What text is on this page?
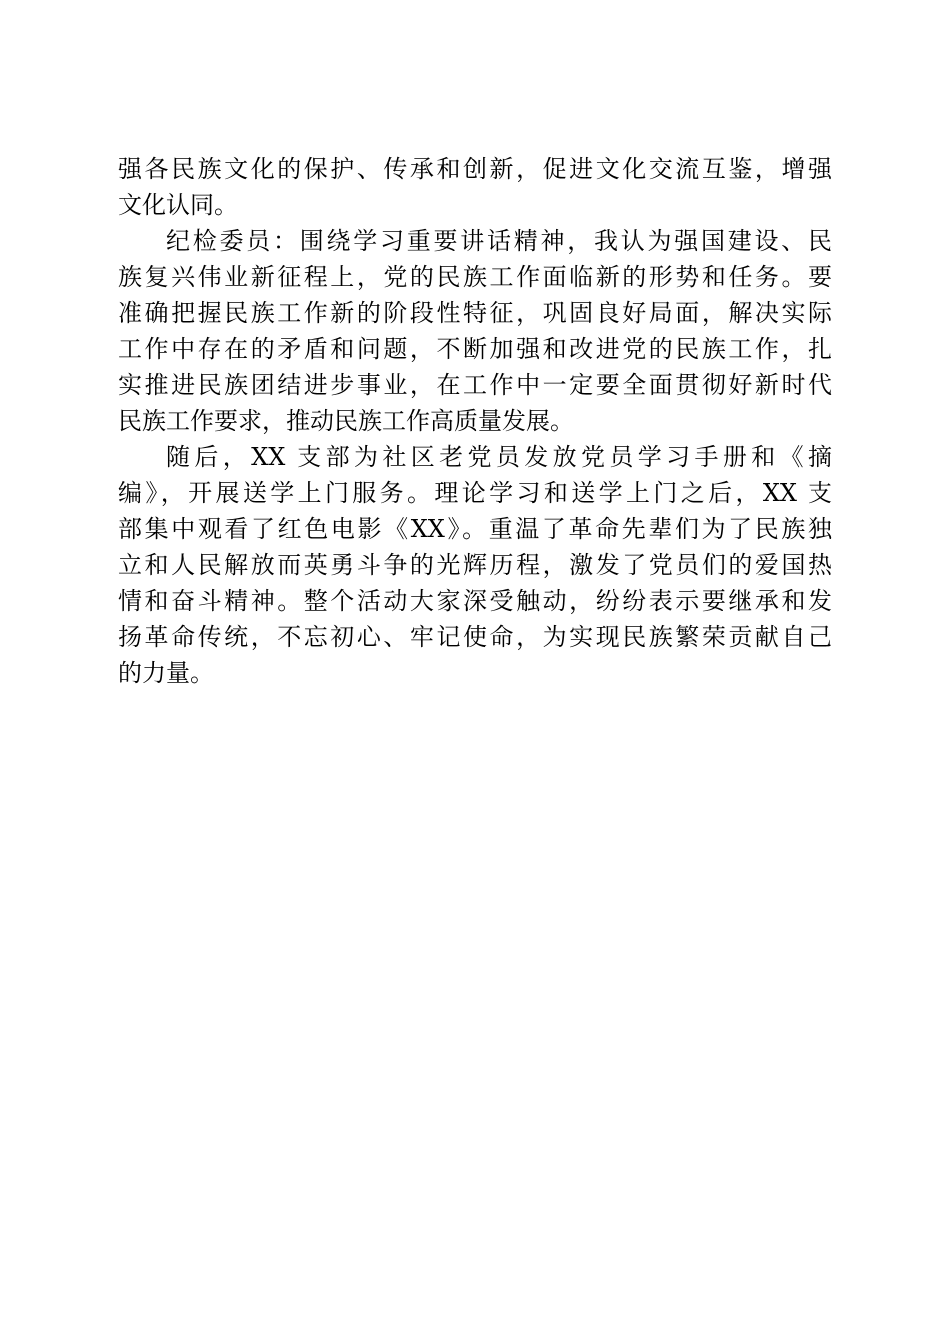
强各民族文化的保护、传承和创新，促进文化交流互鉴，增强
文化认同。
纪检委员：围绕学习重要讲话精神，我认为强国建设、民
族复兴伟业新征程上，党的民族工作面临新的形势和任务。要
准确把握民族工作新的阶段性特征，巩固良好局面，解决实际
工作中存在的矛盾和问题，不断加强和改进党的民族工作，扎
实推进民族团结进步事业，在工作中一定要全面贯彻好新时代
民族工作要求，推动民族工作高质量发展。
随后，XX 支部为社区老党员发放党员学习手册和《摘
编》，开展送学上门服务。理论学习和送学上门之后，XX 支
部集中观看了红色电影《XX》。重温了革命先辈们为了民族独
立和人民解放而英勇斗争的光辉历程，激发了党员们的爱国热
情和奋斗精神。整个活动大家深受触动，纷纷表示要继承和发
扬革命传统，不忘初心、牢记使命，为实现民族繁荣贡献自己
的力量。
